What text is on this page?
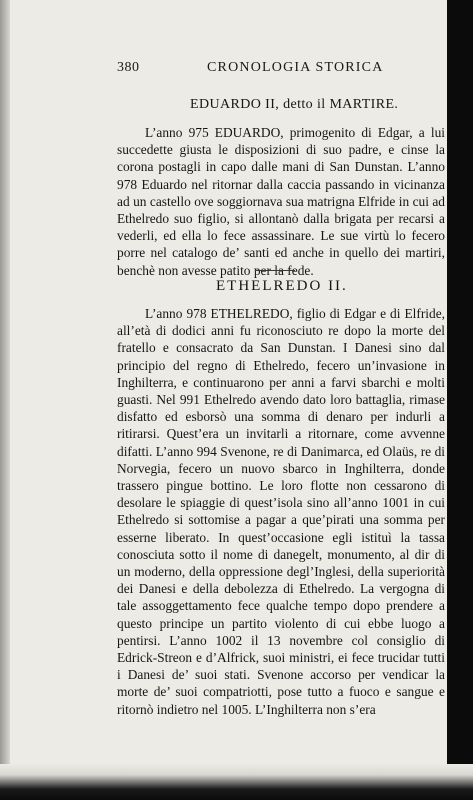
380	CRONOLOGIA STORICA
EDUARDO II, detto il MARTIRE.

L’anno 975 EDUARDO, primogenito di Edgar, a lui succedette giusta le disposizioni di suo padre, e cinse la corona postagli in capo dalle mani di San Dunstan. L’anno 978 Eduardo nel ritornar dalla caccia passando in vicinanza ad un castello ove soggiornava sua matrigna Elfride in cui ad Ethelredo suo figlio, si allontanò dalla brigata per recarsi a vederli, ed ella lo fece assassinare. Le sue virtù lo fecero porre nel catalogo de’ santi ed anche in quello dei martiri, benchè non avesse patito per la fede.

ETHELREDO II.

L’anno 978 ETHELREDO, figlio di Edgar e di Elfride, all’età di dodici anni fu riconosciuto re dopo la morte del fratello e consacrato da San Dunstan. I Danesi sino dal principio del regno di Ethelredo, fecero un’invasione in Inghilterra, e continuarono per anni a farvi sbarchi e molti guasti. Nel 991 Ethelredo avendo dato loro battaglia, rimase disfatto ed esborsò una somma di denaro per indurli a ritirarsi. Quest’era un invitarli a ritornare, come avvenne difatti. L’anno 994 Svenone, re di Danimarca, ed Olaüs, re di Norvegia, fecero un nuovo sbarco in Inghilterra, donde trassero pingue bottino. Le loro flotte non cessarono di desolare le spiaggie di quest’isola sino all’anno 1001 in cui Ethelredo si sottomise a pagar a que’pirati una somma per esserne liberato. In quest’occasione egli istituì la tassa conosciuta sotto il nome di danegelt, monumento, al dir di un moderno, della oppressione degl’Inglesi, della superiorità dei Danesi e della debolezza di Ethelredo. La vergogna di tale assoggettamento fece qualche tempo dopo prendere a questo principe un partito violento di cui ebbe luogo a pentirsi. L’anno 1002 il 13 novembre col consiglio di Edrick-Streon e d’Alfrick, suoi ministri, ei fece trucidar tutti i Danesi de’ suoi stati. Svenone accorso per vendicar la morte de’ suoi compatriotti, pose tutto a fuoco e sangue e ritornò indietro nel 1005. L’Inghilterra non s’era
